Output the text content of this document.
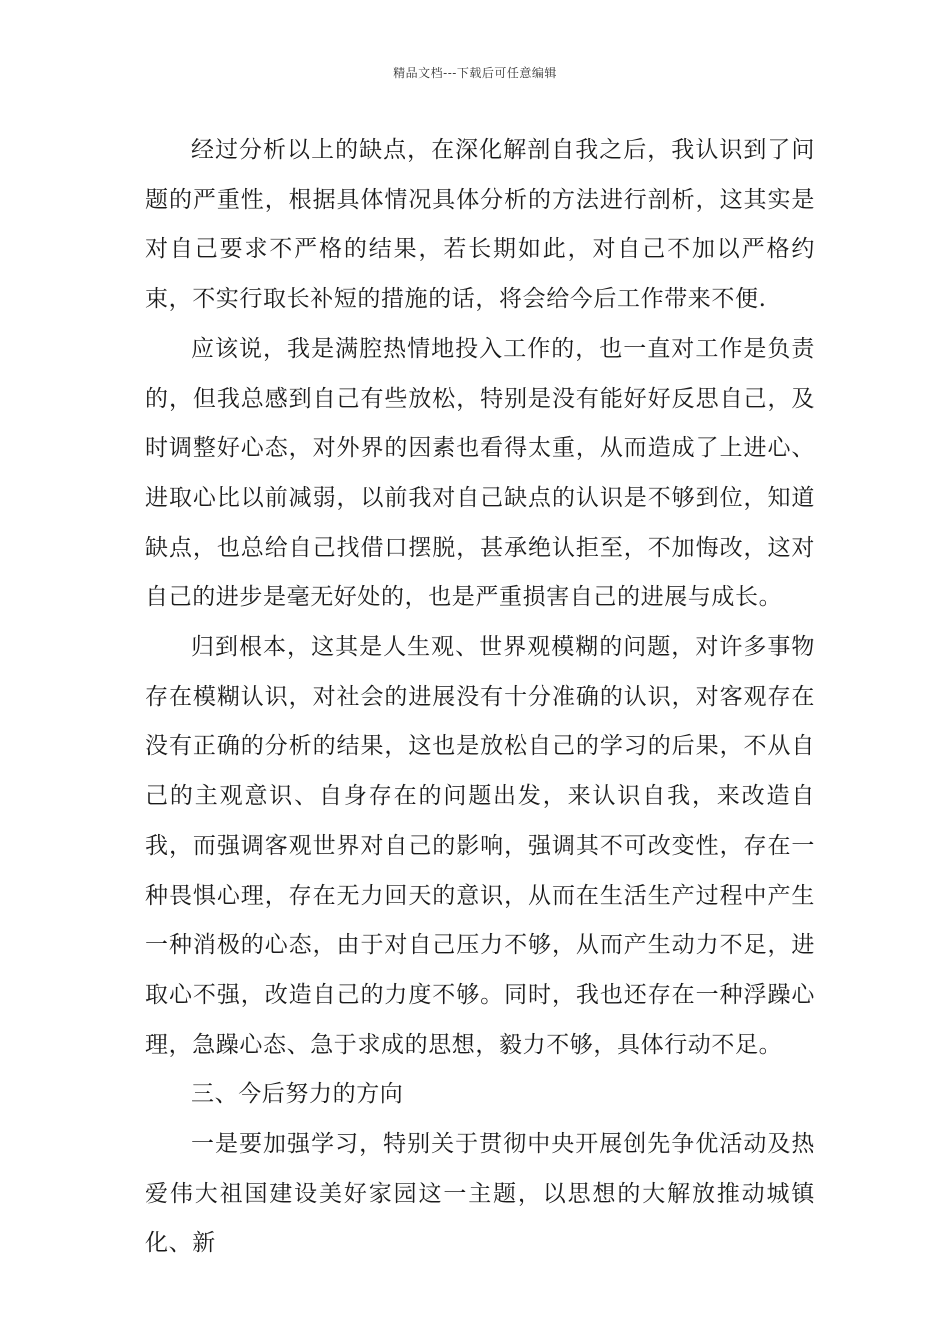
精品文档---下载后可任意编辑

经过分析以上的缺点，在深化解剖自我之后，我认识到了问题的严重性，根据具体情况具体分析的方法进行剖析，这其实是对自己要求不严格的结果，若长期如此，对自己不加以严格约束，不实行取长补短的措施的话，将会给今后工作带来不便.

应该说，我是满腔热情地投入工作的，也一直对工作是负责的，但我总感到自己有些放松，特别是没有能好好反思自己，及时调整好心态，对外界的因素也看得太重，从而造成了上进心、进取心比以前减弱，以前我对自己缺点的认识是不够到位，知道缺点，也总给自己找借口摆脱，甚承绝认拒至，不加悔改，这对自己的进步是毫无好处的，也是严重损害自己的进展与成长。

归到根本，这其是人生观、世界观模糊的问题，对许多事物存在模糊认识，对社会的进展没有十分准确的认识，对客观存在没有正确的分析的结果，这也是放松自己的学习的后果，不从自己的主观意识、自身存在的问题出发，来认识自我，来改造自我，而强调客观世界对自己的影响，强调其不可改变性，存在一种畏惧心理，存在无力回天的意识，从而在生活生产过程中产生一种消极的心态，由于对自己压力不够，从而产生动力不足，进取心不强，改造自己的力度不够。同时，我也还存在一种浮躁心理，急躁心态、急于求成的思想，毅力不够，具体行动不足。

三、今后努力的方向

一是要加强学习，特别关于贯彻中央开展创先争优活动及热爱伟大祖国建设美好家园这一主题，以思想的大解放推动城镇化、新
